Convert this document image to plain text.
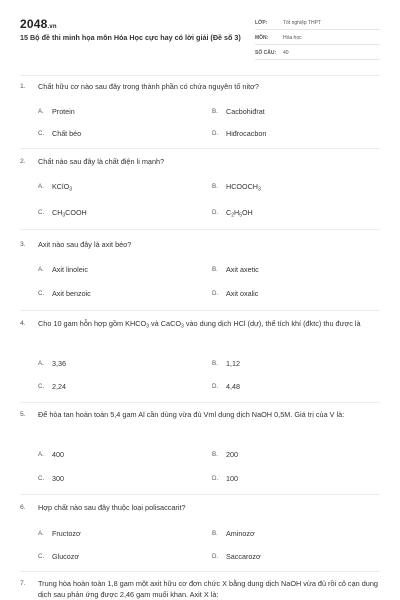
2048.vn
15 Bộ đề thi minh họa môn Hóa Học cực hay có lời giải (Đề số 3)
LỚP:	Tốt nghiệp THPT
MÔN:	Hóa học
SỐ CÂU:	40
1.	Chất hữu cơ nào sau đây trong thành phần có chứa nguyên tố nitơ?
A.	Protein	B.	Cacbohiđrat
C.	Chất béo	D.	Hiđrocacbon
2.	Chất nào sau đây là chất điện li mạnh?
A.	KClO$_3$	B.	$HCOOCH_3$
C.	$CH_3COOH$	D.	$C_2H_5OH$
3.	Axit nào sau đây là axit béo?
A.	Axit linoleic	B.	Axit axetic
C.	Axit benzoic	D.	Axit oxalic
4.	Cho 10 gam hỗn hợp gồm $KHCO_3$ và CaCO$_3$ vào dung dịch HCl (dư), thể tích khí (đktc) thu được là
A.	3,36	B.	1,12
C.	2,24	D.	4,48
5.	Để hòa tan hoàn toàn 5,4 gam Al cần dùng vừa đủ Vml dung dịch NaOH 0,5M. Giá trị của V là:
A.	400	B.	200
C.	300	D.	100
6.	Hợp chất nào sau đây thuộc loại polisaccarit?
A.	Fructozơ	B.	Aminozơ
C.	Glucozơ	D.	Saccarozơ
7.	Trung hòa hoàn toàn 1,8 gam một axit hữu cơ đơn chức X bằng dung dịch NaOH vừa đủ rồi cô cạn dung dịch sau phản ứng được 2,46 gam muối khan. Axit X là:
